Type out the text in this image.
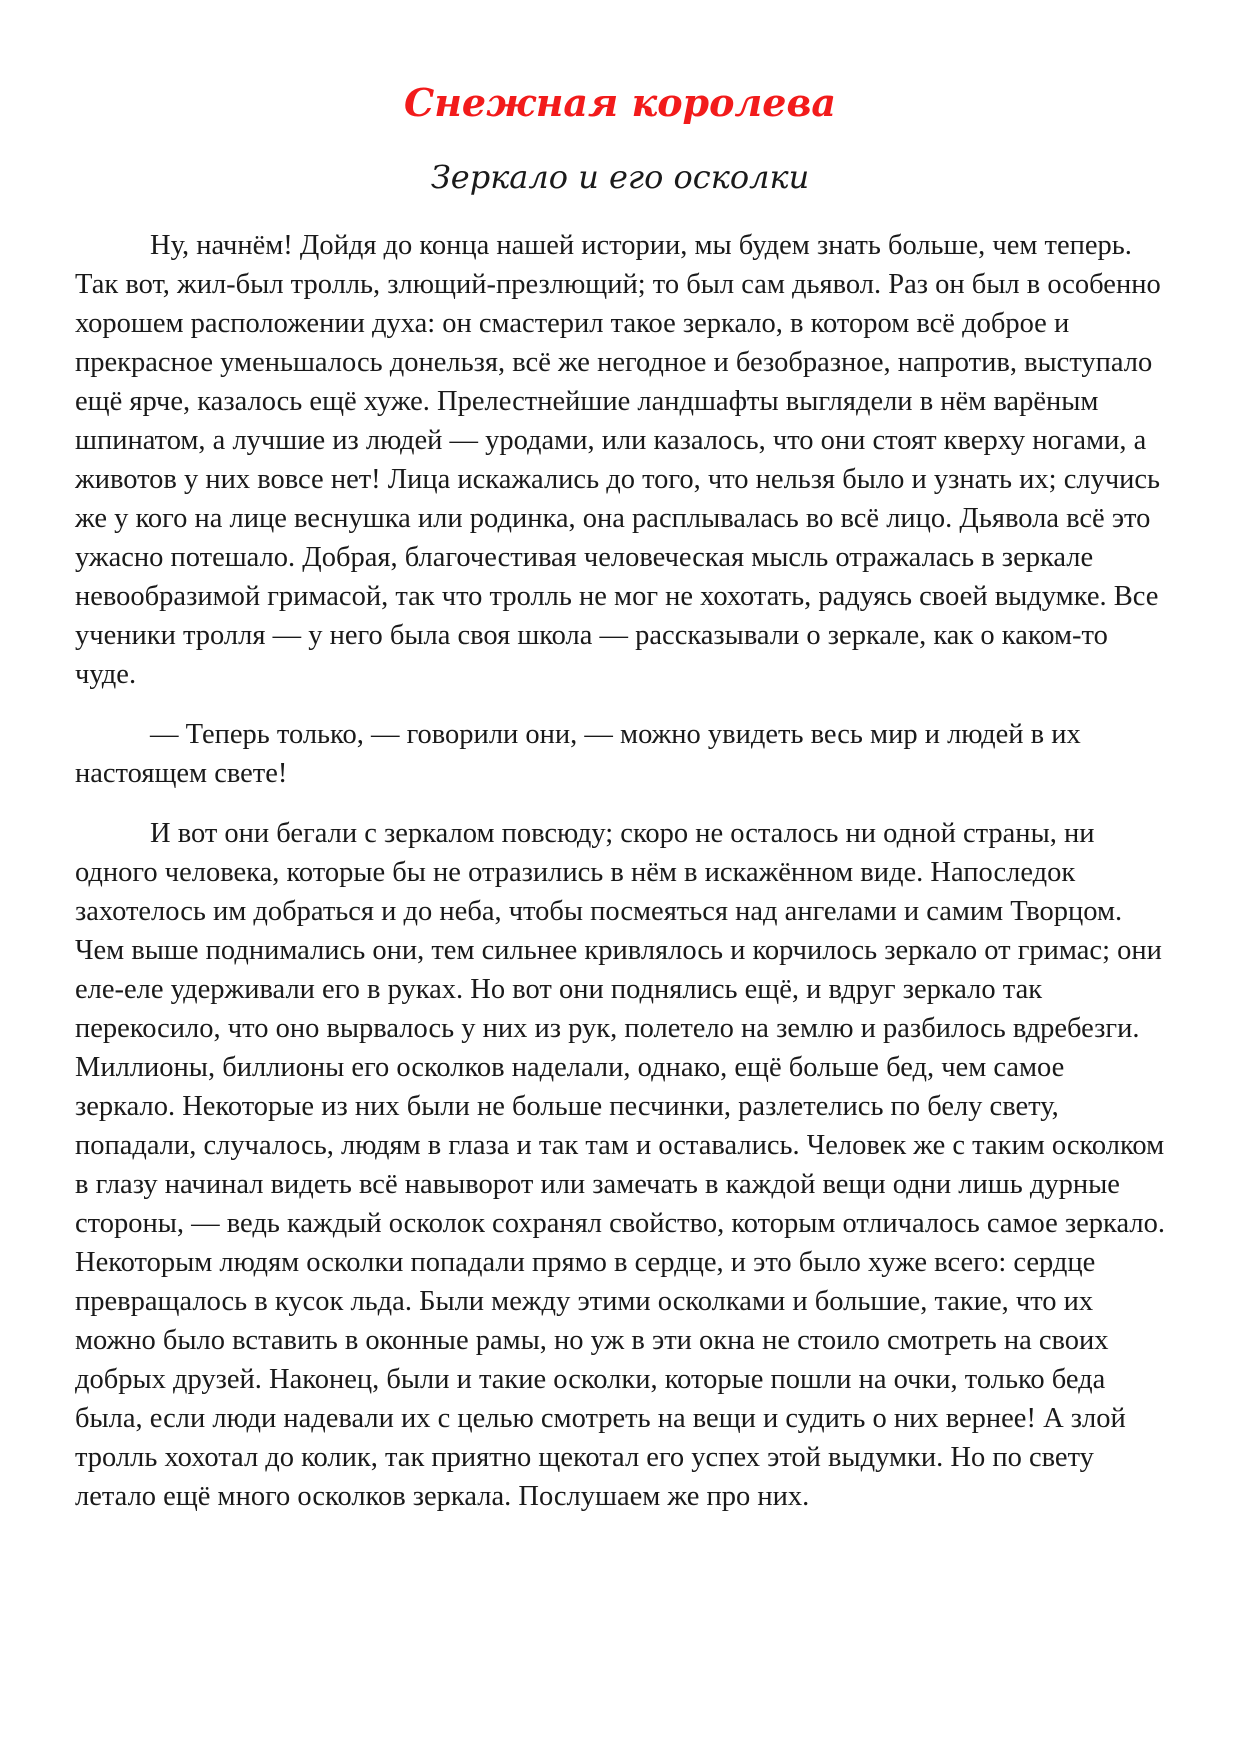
Снежная королева
Зеркало и его осколки

Ну, начнём! Дойдя до конца нашей истории, мы будем знать больше, чем теперь. Так вот, жил-был тролль, злющий-презлющий; то был сам дьявол. Раз он был в особенно хорошем расположении духа: он смастерил такое зеркало, в котором всё доброе и прекрасное уменьшалось донельзя, всё же негодное и безобразное, напротив, выступало ещё ярче, казалось ещё хуже. Прелестнейшие ландшафты выглядели в нём варёным шпинатом, а лучшие из людей — уродами, или казалось, что они стоят кверху ногами, а животов у них вовсе нет! Лица искажались до того, что нельзя было и узнать их; случись же у кого на лице веснушка или родинка, она расплывалась во всё лицо. Дьявола всё это ужасно потешало. Добрая, благочестивая человеческая мысль отражалась в зеркале невообразимой гримасой, так что тролль не мог не хохотать, радуясь своей выдумке. Все ученики тролля — у него была своя школа — рассказывали о зеркале, как о каком-то чуде.

— Теперь только, — говорили они, — можно увидеть весь мир и людей в их настоящем свете!

И вот они бегали с зеркалом повсюду; скоро не осталось ни одной страны, ни одного человека, которые бы не отразились в нём в искажённом виде. Напоследок захотелось им добраться и до неба, чтобы посмеяться над ангелами и самим Творцом. Чем выше поднимались они, тем сильнее кривлялось и корчилось зеркало от гримас; они еле-еле удерживали его в руках. Но вот они поднялись ещё, и вдруг зеркало так перекосило, что оно вырвалось у них из рук, полетело на землю и разбилось вдребезги. Миллионы, биллионы его осколков наделали, однако, ещё больше бед, чем самое зеркало. Некоторые из них были не больше песчинки, разлетелись по белу свету, попадали, случалось, людям в глаза и так там и оставались. Человек же с таким осколком в глазу начинал видеть всё навыворот или замечать в каждой вещи одни лишь дурные стороны, — ведь каждый осколок сохранял свойство, которым отличалось самое зеркало. Некоторым людям осколки попадали прямо в сердце, и это было хуже всего: сердце превращалось в кусок льда. Были между этими осколками и большие, такие, что их можно было вставить в оконные рамы, но уж в эти окна не стоило смотреть на своих добрых друзей. Наконец, были и такие осколки, которые пошли на очки, только беда была, если люди надевали их с целью смотреть на вещи и судить о них вернее! А злой тролль хохотал до колик, так приятно щекотал его успех этой выдумки. Но по свету летало ещё много осколков зеркала. Послушаем же про них.
